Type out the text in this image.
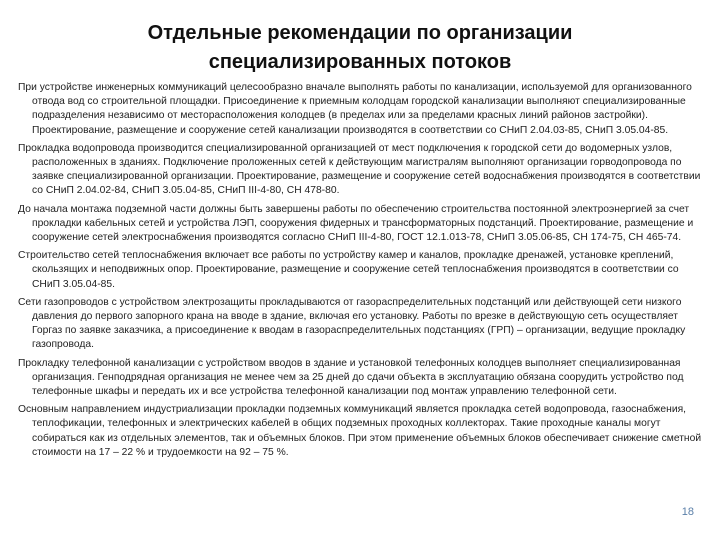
Отдельные рекомендации по организации
специализированных потоков

При устройстве инженерных коммуникаций целесообразно вначале выполнять работы по канализации, используемой для организованного отвода вод со строительной площадки. Присоединение к приемным колодцам городской канализации выполняют специализированные подразделения независимо от месторасположения колодцев (в пределах или за пределами красных линий районов застройки). Проектирование, размещение и сооружение сетей канализации производятся в соответствии со СНиП 2.04.03-85, СНиП 3.05.04-85.

Прокладка водопровода производится специализированной организацией от мест подключения к городской сети до водомерных узлов, расположенных в зданиях. Подключение проложенных сетей к действующим магистралям выполняют организации горводопровода по заявке специализированной организации. Проектирование, размещение и сооружение сетей водоснабжения производятся в соответствии со СНиП 2.04.02-84, СНиП 3.05.04-85, СНиП III-4-80, СН 478-80.

До начала монтажа подземной части должны быть завершены работы по обеспечению строительства постоянной электроэнергией за счет прокладки кабельных сетей и устройства ЛЭП, сооружения фидерных и трансформаторных подстанций. Проектирование, размещение и сооружение сетей электроснабжения производятся согласно СНиП III-4-80, ГОСТ 12.1.013-78, СНиП 3.05.06-85, СН 174-75, СН 465-74.

Строительство сетей теплоснабжения включает все работы по устройству камер и каналов, прокладке дренажей, установке креплений, скользящих и неподвижных опор. Проектирование, размещение и сооружение сетей теплоснабжения производятся в соответствии со СНиП 3.05.04-85.

Сети газопроводов с устройством электрозащиты прокладываются от газораспределительных подстанций или действующей сети низкого давления до первого запорного крана на вводе в здание, включая его установку. Работы по врезке в действующую сеть осуществляет Горгаз по заявке заказчика, а присоединение к вводам в газораспределительных подстанциях (ГРП) – организации, ведущие прокладку газопровода.

Прокладку телефонной канализации с устройством вводов в здание и установкой телефонных колодцев выполняет специализированная организация. Генподрядная организация не менее чем за 25 дней до сдачи объекта в эксплуатацию обязана соорудить устройство под телефонные шкафы и передать их и все устройства телефонной канализации под монтаж управлению телефонной сети.

Основным направлением индустриализации прокладки подземных коммуникаций является прокладка сетей водопровода, газоснабжения, теплофикации, телефонных и электрических кабелей в общих подземных проходных коллекторах. Такие проходные каналы могут собираться как из отдельных элементов, так и объемных блоков. При этом применение объемных блоков обеспечивает снижение сметной стоимости на 17 – 22 % и трудоемкости на 92 – 75 %.

18
